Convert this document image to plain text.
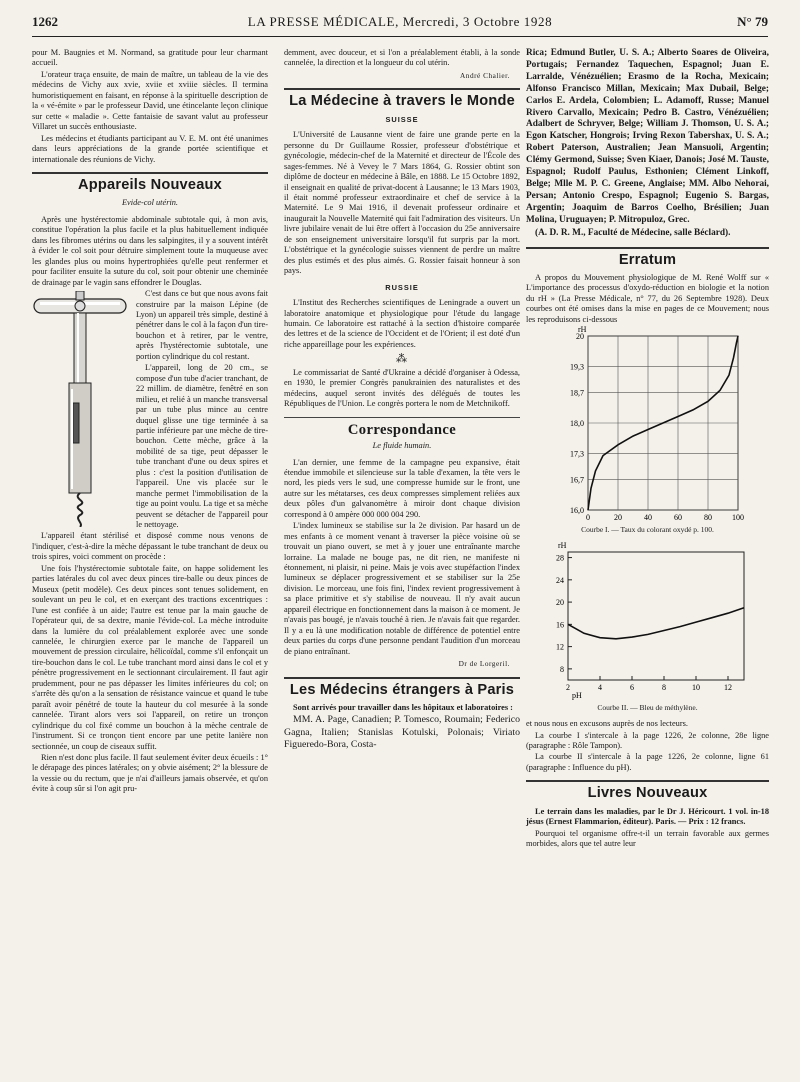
1262	LA PRESSE MÉDICALE, Mercredi, 3 Octobre 1928	N° 79

pour M. Baugnies et M. Normand, sa gratitude pour leur charmant accueil.

L'orateur traça ensuite, de main de maître, un tableau de la vie des médecins de Vichy aux xvie, xviie et xviiie siècles. Il termina humoristiquement en faisant, en réponse à la spirituelle description de la « vé-émite » par le professeur David, une étincelante leçon clinique sur cette « maladie ». Cette fantaisie de savant valut au professeur Villaret un succès enthousiaste.

Les médecins et étudiants participant au V. E. M. ont été unanimes dans leurs appréciations de la grande portée scientifique et internationale des réunions de Vichy.

Appareils Nouveaux
Evide-col utérin.

Après une hystérectomie abdominale subtotale qui, à mon avis, constitue l'opération la plus facile et la plus habituellement indiquée dans les fibromes utérins ou dans les salpingites, il y a souvent intérêt à évider le col soit pour détruire simplement toute la muqueuse avec les glandes plus ou moins hypertrophiées qu'elle peut renfermer et pour faciliter ensuite la suture du col, soit pour obtenir une cheminée de drainage par le vagin sans effondrer le Douglas.

C'est dans ce but que nous avons fait construire par la maison Lépine (de Lyon) un appareil très simple, destiné à pénétrer dans le col à la façon d'un tire-bouchon et à retirer, par le ventre, après l'hystérectomie subtotale, une portion cylindrique du col restant.

L'appareil, long de 20 cm., se compose d'un tube d'acier tranchant, de 22 millim. de diamètre, fenêtré en son milieu, et relié à un manche transversal par un tube plus mince au centre duquel glisse une tige terminée à sa partie inférieure par une mèche de tire-bouchon. Cette mèche, grâce à la mobilité de sa tige, peut dépasser le tube tranchant d'une ou deux spires et plus : c'est la position d'utilisation de l'appareil. Une vis placée sur le manche permet l'immobilisation de la tige au point voulu. La tige et sa mèche peuvent se détacher de l'appareil pour le nettoyage.

L'appareil étant stérilisé et disposé comme nous venons de l'indiquer, c'est-à-dire la mèche dépassant le tube tranchant de deux ou trois spires, voici comment on procède :

Une fois l'hystérectomie subtotale faite, on happe solidement les parties latérales du col avec deux pinces tire-balle ou deux pinces de Museux (petit modèle). Ces deux pinces sont tenues solidement, en soulevant un peu le col, et en exerçant des tractions excentriques : l'une est confiée à un aide; l'autre est tenue par la main gauche de l'opérateur qui, de sa dextre, manie l'évide-col. La mèche introduite dans la lumière du col préalablement explorée avec une sonde cannelée, le chirurgien exerce par le manche de l'appareil un mouvement de pression circulaire, hélicoïdal, comme s'il enfonçait un tire-bouchon dans le col. Le tube tranchant mord ainsi dans le col et y pénètre progressivement en le sectionnant circulairement. Il faut agir prudemment, pour ne pas dépasser les limites inférieures du col; on s'arrête dès qu'on a la sensation de résistance vaincue et quand le tube paraît avoir pénétré de toute la hauteur du col mesurée à la sonde cannelée. Tirant alors vers soi l'appareil, on retire un tronçon cylindrique du col fixé comme un bouchon à la mèche centrale de l'instrument. Si ce tronçon tient encore par une petite lanière non sectionnée, un coup de ciseaux suffit.

Rien n'est donc plus facile. Il faut seulement éviter deux écueils : 1° le dérapage des pinces latérales; on y obvie aisément; 2° la blessure de la vessie ou du rectum, que je n'ai d'ailleurs jamais observée, et qu'on évite à coup sûr si l'on agit pru-

demment, avec douceur, et si l'on a préalablement établi, à la sonde cannelée, la direction et la longueur du col utérin.

André Chalier.
La Médecine à travers le Monde
SUISSE

L'Université de Lausanne vient de faire une grande perte en la personne du Dr Guillaume Rossier, professeur d'obstétrique et gynécologie, médecin-chef de la Maternité et directeur de l'École des sages-femmes. Né à Vevey le 7 Mars 1864, G. Rossier obtint son diplôme de docteur en médecine à Bâle, en 1888. Le 15 Octobre 1892, il enseignait en qualité de privat-docent à Lausanne; le 13 Mars 1903, il était nommé professeur extraordinaire et chef de service à la Maternité. Le 9 Mai 1916, il devenait professeur ordinaire et inaugurait la Nouvelle Maternité qui fait l'admiration des visiteurs. Un livre jubilaire venait de lui être offert à l'occasion du 25e anniversaire de son enseignement universitaire lorsqu'il fut surpris par la mort. L'obstétrique et la gynécologie suisses viennent de perdre un maître des plus estimés et des plus aimés. G. Rossier faisait honneur à son pays.

RUSSIE

L'Institut des Recherches scientifiques de Leningrade a ouvert un laboratoire anatomique et physiologique pour l'étude du langage humain. Ce laboratoire est rattaché à la section d'histoire comparée des lettres et de la science de l'Occident et de l'Orient; il est doté d'un riche appareillage pour les expériences.

⁂

Le commissariat de Santé d'Ukraine a décidé d'organiser à Odessa, en 1930, le premier Congrès panukrainien des naturalistes et des médecins, auquel seront invités des délégués de toutes les Républiques de l'Union. Le congrès portera le nom de Metchnikoff.

Correspondance
Le fluide humain.

L'an dernier, une femme de la campagne peu expansive, était étendue immobile et silencieuse sur la table d'examen, la tête vers le nord, les pieds vers le sud, une compresse humide sur le front, une autre sur les métatarses, ces deux compresses simplement reliées aux deux pôles d'un galvanomètre à miroir dont chaque division correspond à 0 ampère 000 000 004 290.

L'index lumineux se stabilise sur la 2e division. Par hasard un de mes enfants à ce moment venant à traverser la pièce voisine où se trouvait un piano ouvert, se met à y jouer une entraînante marche lorraine. La malade ne bouge pas, ne dit rien, ne manifeste ni étonnement, ni plaisir, ni peine. Mais je vois avec stupéfaction l'index lumineux se déplacer progressivement et se stabiliser sur la 25e division. Le morceau, une fois fini, l'index revient progressivement à sa place primitive et s'y stabilise de nouveau. Il n'y avait aucun appareil électrique en fonctionnement dans la maison à ce moment. Je n'avais pas bougé, je n'avais touché à rien. Je n'avais fait que regarder. Il y a eu là une modification notable de différence de potentiel entre deux parties du corps d'une personne pendant l'audition d'un morceau de piano entraînant.

Dr de Lorgeril.
Les Médecins étrangers à Paris

Sont arrivés pour travailler dans les hôpitaux et laboratoires :

MM. A. Page, Canadien; P. Tomesco, Roumain; Federico Gagna, Italien; Stanislas Kotulski, Polonais; Viriato Figueredo-Bora, Costa-

Rica; Edmund Butler, U. S. A.; Alberto Soares de Oliveira, Portugais; Fernandez Taquechen, Espagnol; Juan E. Larralde, Vénézuélien; Erasmo de la Rocha, Mexicain; Alfonso Francisco Millan, Mexicain; Max Dubail, Belge; Carlos E. Ardela, Colombien; L. Adamoff, Russe; Manuel Rivero Carvallo, Mexicain; Pedro B. Castro, Vénézuélien; Adalbert de Schryver, Belge; William J. Thomson, U. S. A.; Egon Katscher, Hongrois; Irving Rexon Tabershax, U. S. A.; Robert Paterson, Australien; Jean Mansuoli, Argentin; Clémy Germond, Suisse; Sven Kiaer, Danois; José M. Tauste, Espagnol; Rudolf Paulus, Esthonien; Clément Linkoff, Belge; Mlle M. P. C. Greene, Anglaise; MM. Albo Nehorai, Persan; Antonio Crespo, Espagnol; Eugenio S. Bargas, Argentin; Joaquim de Barros Coelho, Brésilien; Juan Molina, Uruguayen; P. Mitropuloz, Grec.

(A. D. R. M., Faculté de Médecine, salle Béclard).

Erratum

A propos du Mouvement physiologique de M. René Wolff sur « L'importance des processus d'oxydo-réduction en biologie et la notion du rH » (La Presse Médicale, n° 77, du 26 Septembre 1928). Deux courbes ont été omises dans la mise en pages de ce Mouvement; nous les reproduisons ci-dessous

16,0
16,7
17,3
18,0
18,7
19,3
20
0	20	40	60	80	100
rH
Courbe I. — Taux du colorant oxydé p. 100.
8
12
16
20
24
28
2	4	6	8	10	12
rH
pH
Courbe II. — Bleu de méthylène.

et nous nous en excusons auprès de nos lecteurs.

La courbe I s'intercale à la page 1226, 2e colonne, 28e ligne (paragraphe : Rôle Tampon).

La courbe II s'intercale à la page 1226, 2e colonne, ligne 61 (paragraphe : Influence du pH).

Livres Nouveaux

Le terrain dans les maladies, par le Dr J. Héricourt. 1 vol. in-18 jésus (Ernest Flammarion, éditeur). Paris. — Prix : 12 francs.

Pourquoi tel organisme offre-t-il un terrain favorable aux germes morbides, alors que tel autre leur
